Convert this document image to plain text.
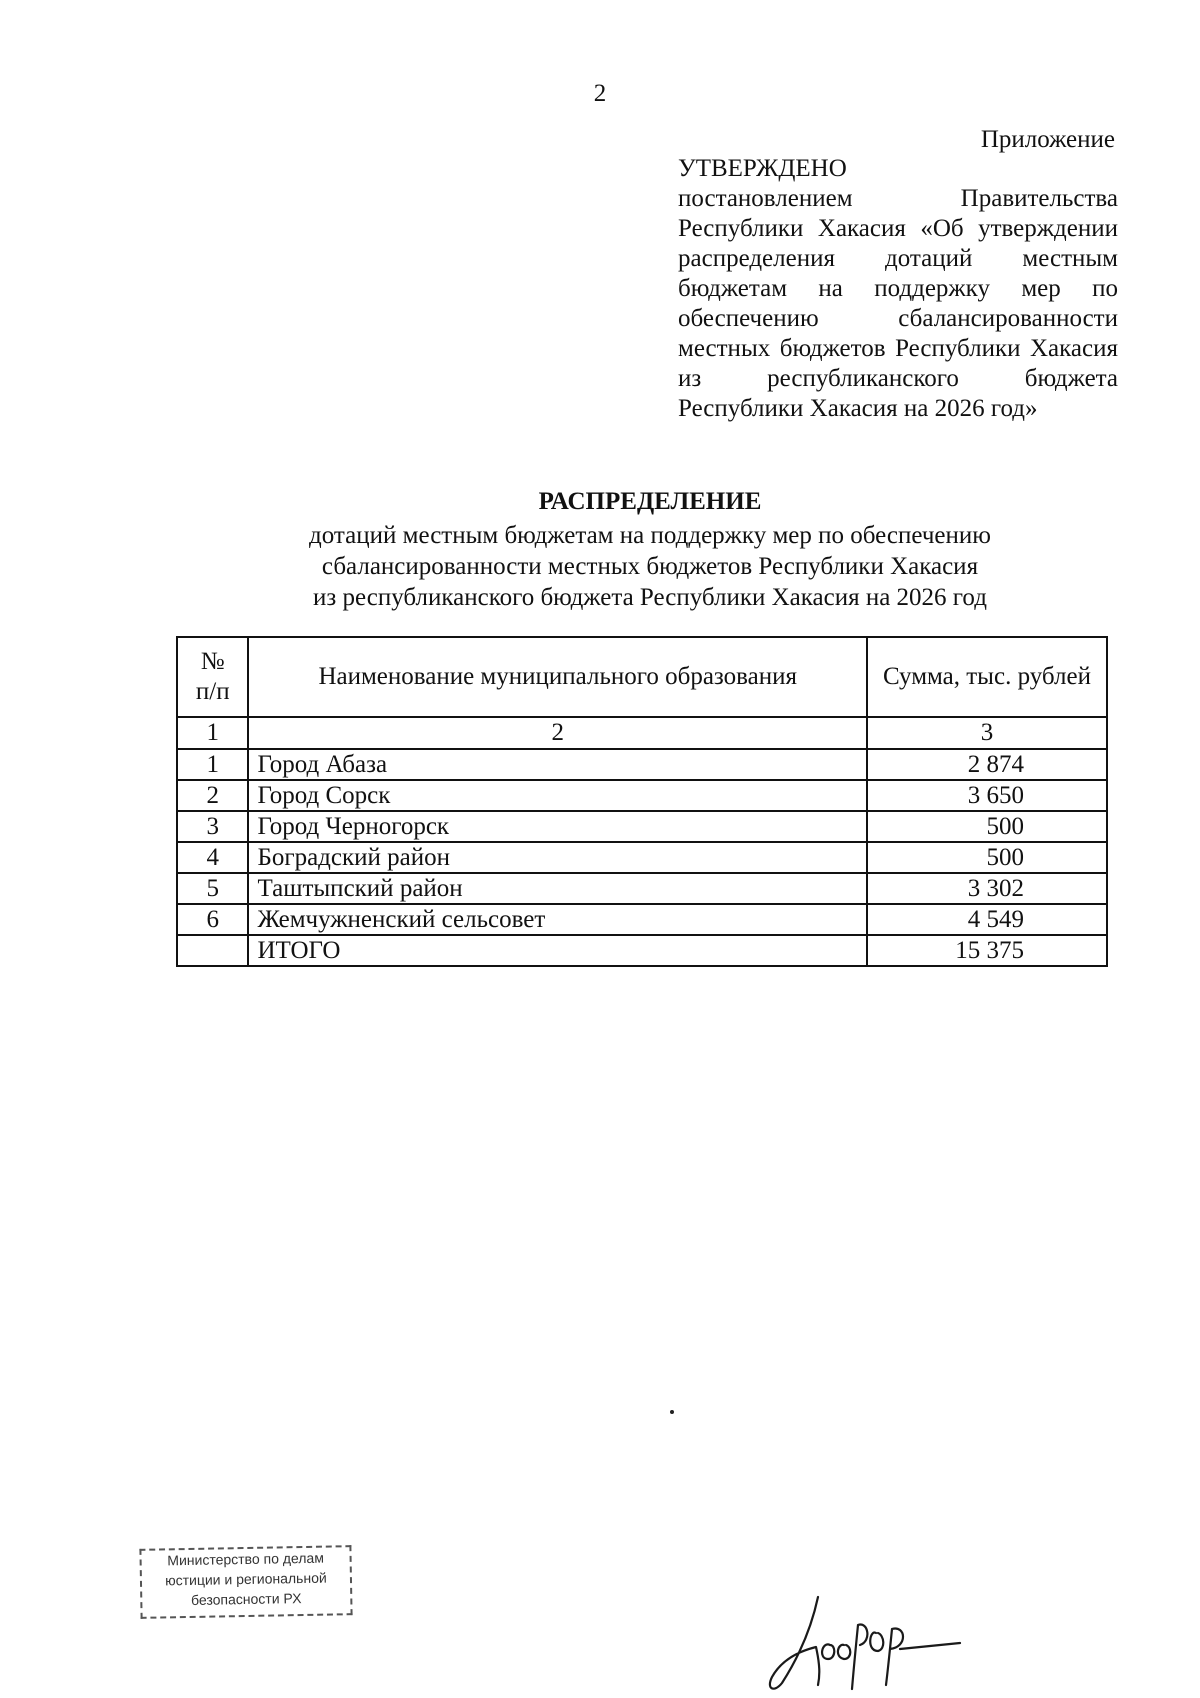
2
Приложение

УТВЕРЖДЕНО

постановлением Правительства Республики Хакасия «Об утверждении распределения дотаций местным бюджетам на поддержку мер по обеспечению сбалансированности местных бюджетов Республики Хакасия из республиканского бюджета Республики Хакасия на 2026 год»

РАСПРЕДЕЛЕНИЕ
дотаций местным бюджетам на поддержку мер по обеспечению
сбалансированности местных бюджетов Республики Хакасия
из республиканского бюджета Республики Хакасия на 2026 год
№
п/п	Наименование муниципального образования	Сумма, тыс. рублей
1	2	3
1	Город Абаза	2 874
2	Город Сорск	3 650
3	Город Черногорск	500
4	Боградский район	500
5	Таштыпский район	3 302
6	Жемчужненский сельсовет	4 549
	ИТОГО	15 375
Министерство по делам
юстиции и региональной
безопасности РХ
